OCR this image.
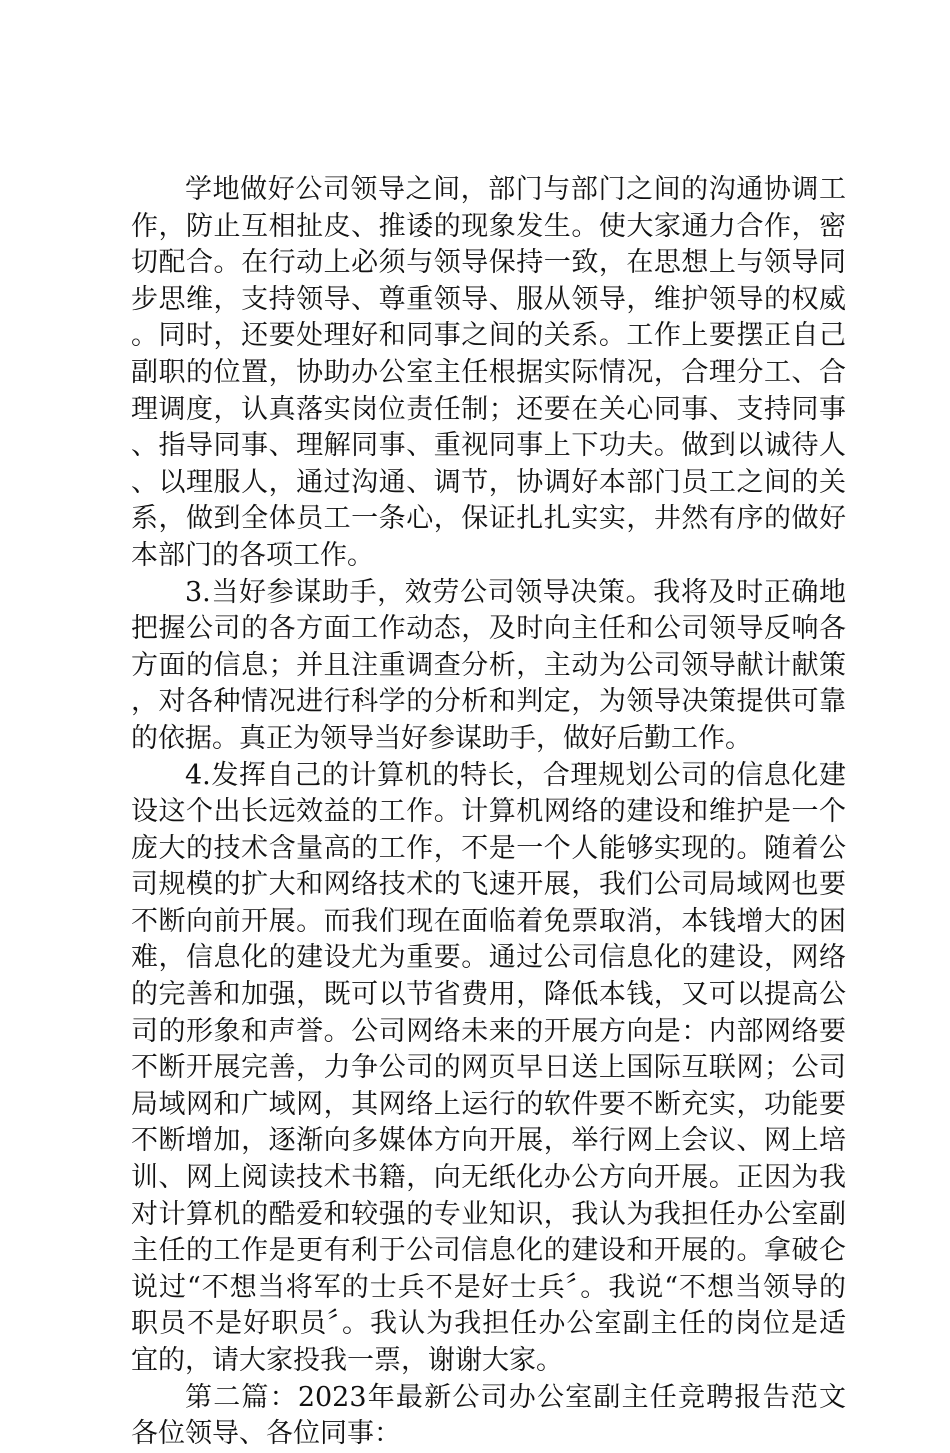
学地做好公司领导之间，部门与部门之间的沟通协调工作，防止互相扯皮、推诿的现象发生。使大家通力合作，密切配合。在行动上必须与领导保持一致，在思想上与领导同步思维，支持领导、尊重领导、服从领导，维护领导的权威。同时，还要处理好和同事之间的关系。工作上要摆正自己副职的位置，协助办公室主任根据实际情况，合理分工、合理调度，认真落实岗位责任制；还要在关心同事、支持同事、指导同事、理解同事、重视同事上下功夫。做到以诚待人、以理服人，通过沟通、调节，协调好本部门员工之间的关系，做到全体员工一条心，保证扎扎实实，井然有序的做好本部门的各项工作。

3.当好参谋助手，效劳公司领导决策。我将及时正确地把握公司的各方面工作动态，及时向主任和公司领导反响各方面的信息；并且注重调查分析，主动为公司领导献计献策，对各种情况进行科学的分析和判定，为领导决策提供可靠的依据。真正为领导当好参谋助手，做好后勤工作。

4.发挥自己的计算机的特长，合理规划公司的信息化建设这个出长远效益的工作。计算机网络的建设和维护是一个庞大的技术含量高的工作，不是一个人能够实现的。随着公司规模的扩大和网络技术的飞速开展，我们公司局域网也要不断向前开展。而我们现在面临着免票取消，本钱增大的困难，信息化的建设尤为重要。通过公司信息化的建设，网络的完善和加强，既可以节省费用，降低本钱，又可以提高公司的形象和声誉。公司网络未来的开展方向是：内部网络要不断开展完善，力争公司的网页早日送上国际互联网；公司局域网和广域网，其网络上运行的软件要不断充实，功能要不断增加，逐渐向多媒体方向开展，举行网上会议、网上培训、网上阅读技术书籍，向无纸化办公方向开展。正因为我对计算机的酷爱和较强的专业知识，我认为我担任办公室副主任的工作是更有利于公司信息化的建设和开展的。拿破仑说过“不想当将军的士兵不是好士兵〞。我说“不想当领导的职员不是好职员〞。我认为我担任办公室副主任的岗位是适宜的，请大家投我一票，谢谢大家。

第二篇：2023年最新公司办公室副主任竞聘报告范文各位领导、各位同事：
